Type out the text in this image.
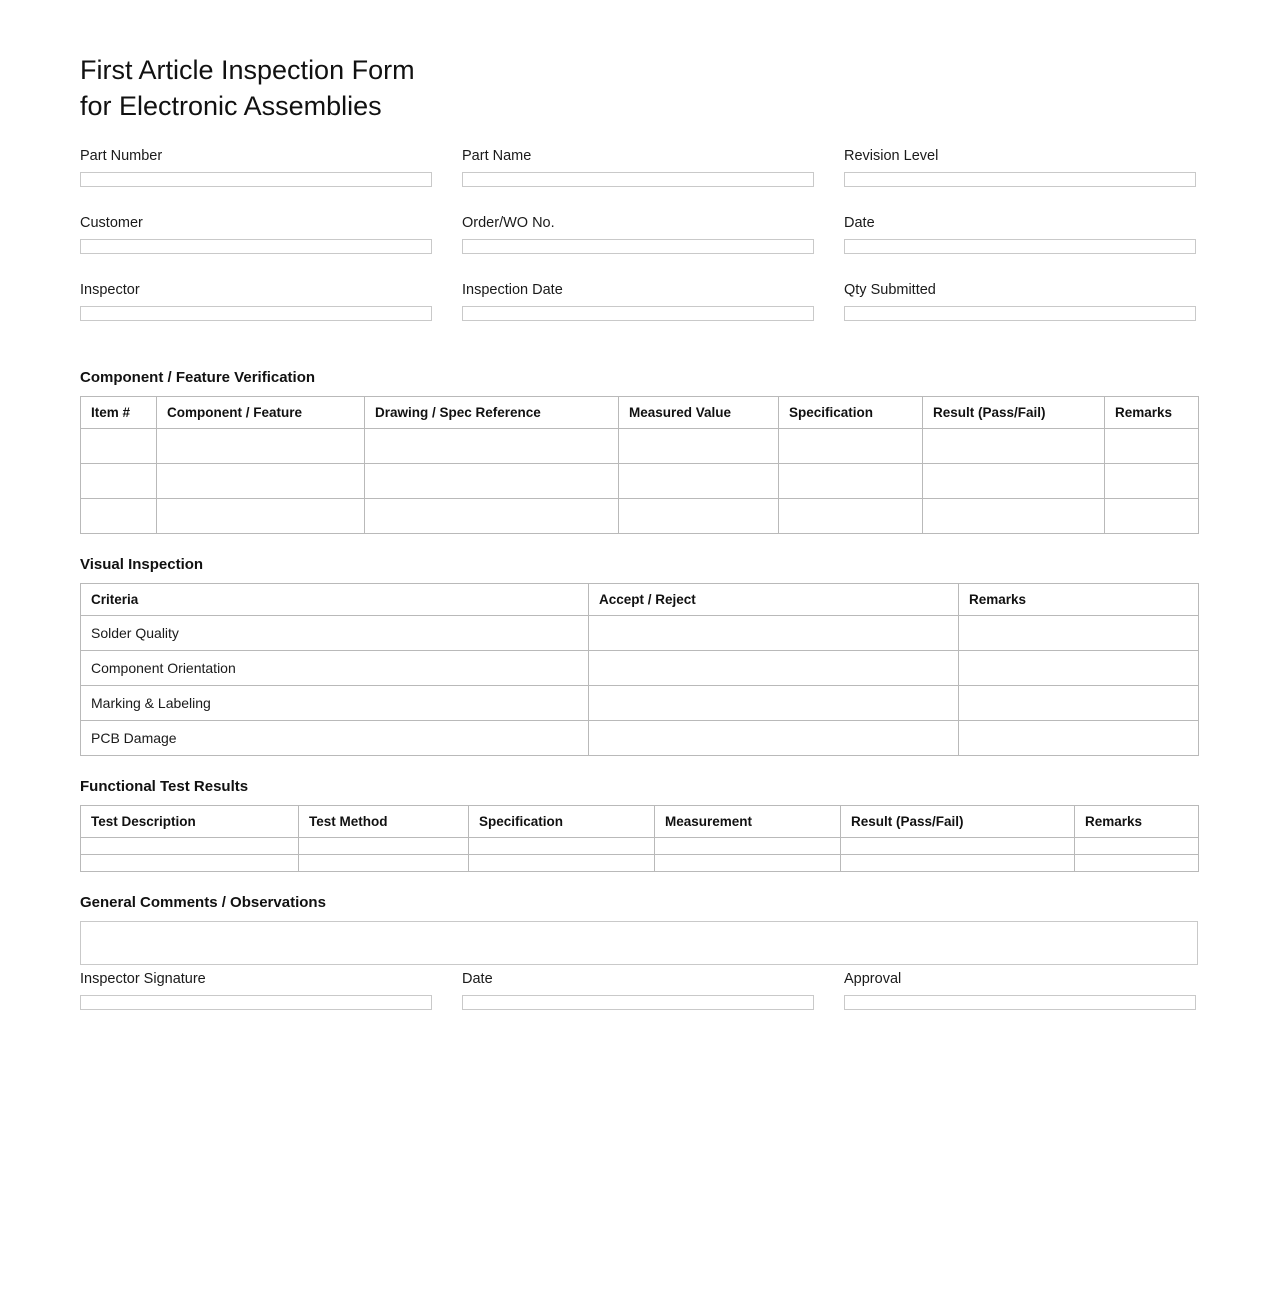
First Article Inspection Form
for Electronic Assemblies
Part Number	Part Name	Revision Level
Customer	Order/WO No.	Date
Inspector	Inspection Date	Qty Submitted
Component / Feature Verification
Item #	Component / Feature	Drawing / Spec Reference	Measured Value	Specification	Result (Pass/Fail)	Remarks

Visual Inspection
Criteria	Accept / Reject	Remarks
Solder Quality		
Component Orientation		
Marking & Labeling		
PCB Damage		
Functional Test Results
Test Description	Test Method	Specification	Measurement	Result (Pass/Fail)	Remarks

General Comments / Observations
Inspector Signature	Date	Approval
